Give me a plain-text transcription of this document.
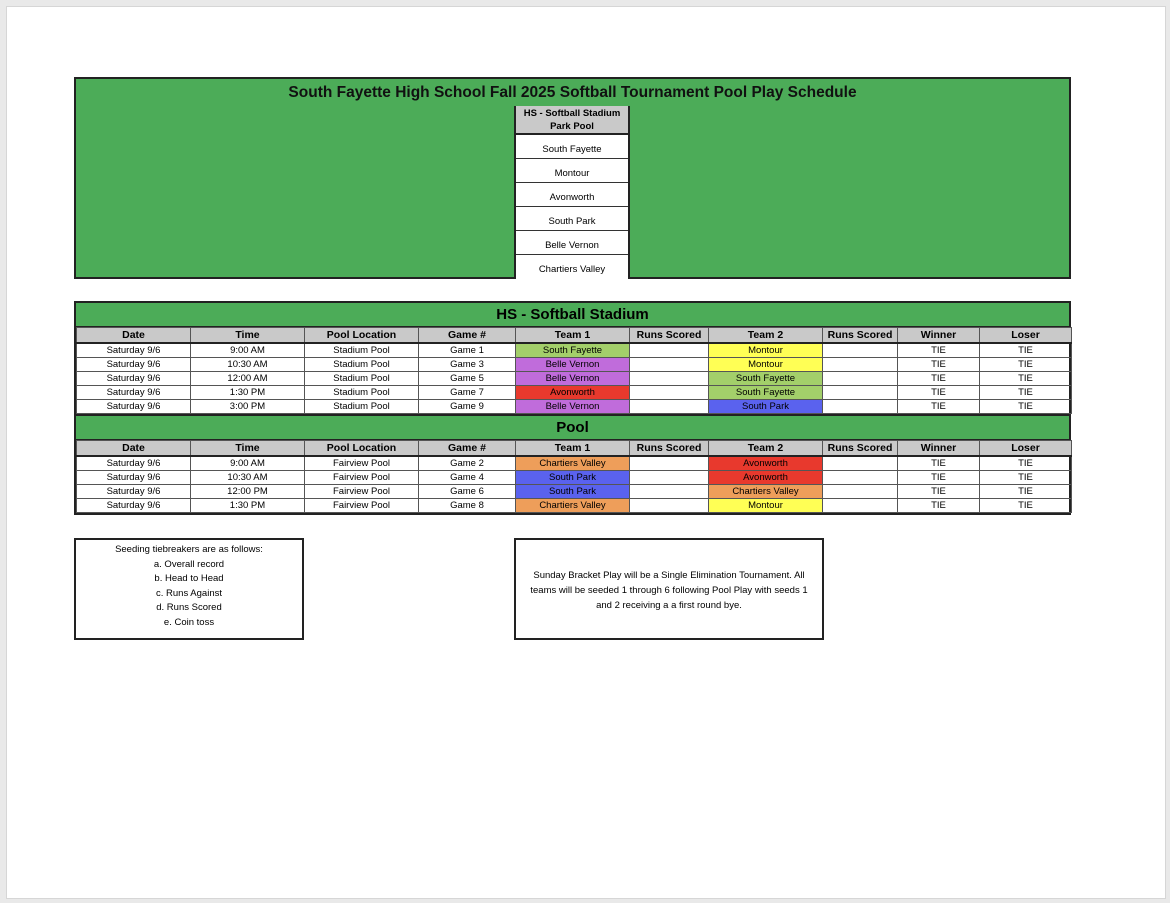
South Fayette High School Fall 2025 Softball Tournament Pool Play Schedule
HS - Softball Stadium Park Pool
South Fayette
Montour
Avonworth
South Park
Belle Vernon
Chartiers Valley
HS - Softball Stadium
Date	Time	Pool Location	Game #	Team 1	Runs Scored	Team 2	Runs Scored	Winner	Loser
Saturday 9/6	9:00 AM	Stadium Pool	Game 1	South Fayette		Montour		TIE	TIE
Saturday 9/6	10:30 AM	Stadium Pool	Game 3	Belle Vernon		Montour		TIE	TIE
Saturday 9/6	12:00 AM	Stadium Pool	Game 5	Belle Vernon		South Fayette		TIE	TIE
Saturday 9/6	1:30 PM	Stadium Pool	Game 7	Avonworth		South Fayette		TIE	TIE
Saturday 9/6	3:00 PM	Stadium Pool	Game 9	Belle Vernon		South Park		TIE	TIE
Pool
Date	Time	Pool Location	Game #	Team 1	Runs Scored	Team 2	Runs Scored	Winner	Loser
Saturday 9/6	9:00 AM	Fairview Pool	Game 2	Chartiers Valley		Avonworth		TIE	TIE
Saturday 9/6	10:30 AM	Fairview Pool	Game 4	South Park		Avonworth		TIE	TIE
Saturday 9/6	12:00 PM	Fairview Pool	Game 6	South Park		Chartiers Valley		TIE	TIE
Saturday 9/6	1:30 PM	Fairview Pool	Game 8	Chartiers Valley		Montour		TIE	TIE
Seeding tiebreakers are as follows:
a. Overall record
b. Head to Head
c. Runs Against
d. Runs Scored
e. Coin toss
Sunday Bracket Play will be a Single Elimination Tournament. All teams will be seeded 1 through 6 following Pool Play with seeds 1 and 2 receiving a a first round bye.
